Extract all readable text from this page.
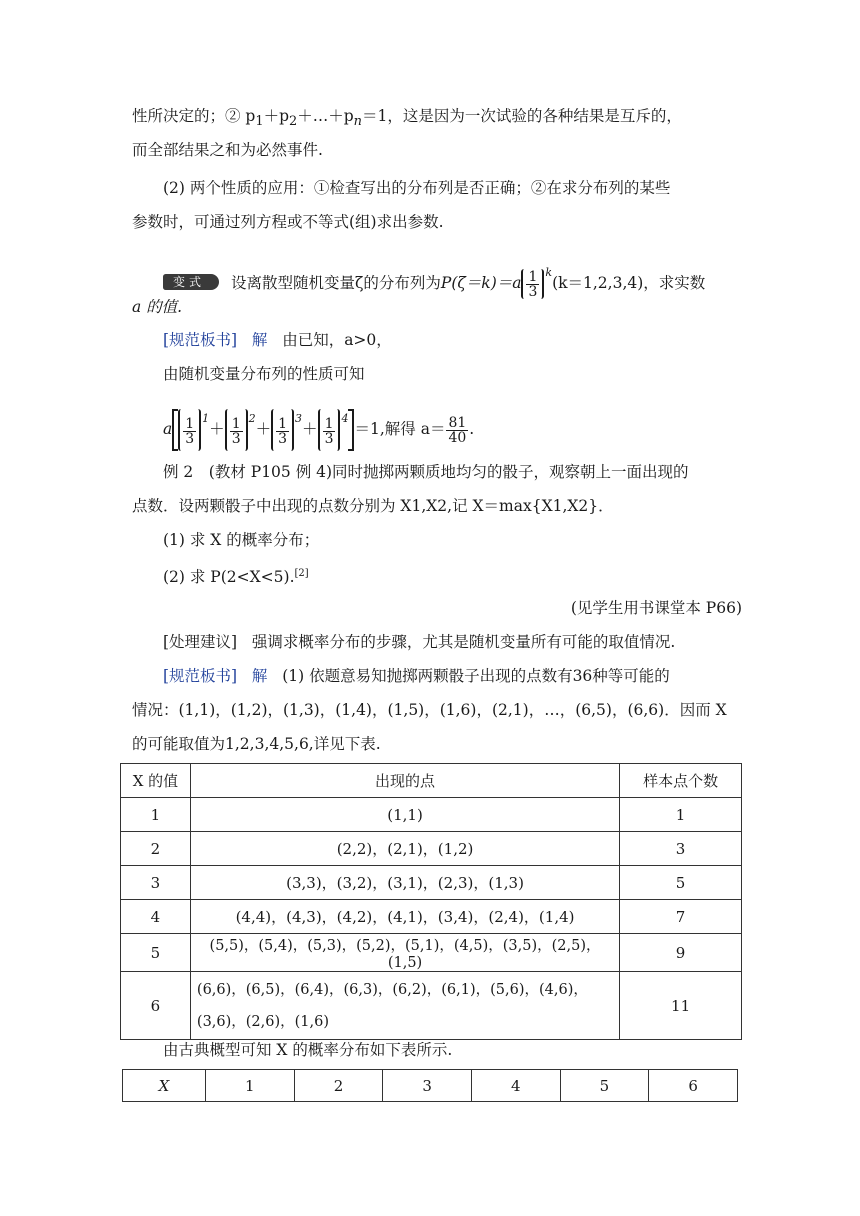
性所决定的；② $p_1+p_2+\dots+p_n=1$，这是因为一次试验的各种结果是互斥的，
而全部结果之和为必然事件.
(2) 两个性质的应用：①检查写出的分布列是否正确；②在求分布列的某些
参数时，可通过列方程或不等式(组)求出参数.
变式 设离散型随机变量ζ的分布列为$P(\zeta=k)=a \frac{1}{3} ^k(k=1,2,3,4)$，求实数
a 的值.
[规范板书] 解 由已知，a>0，
由随机变量分布列的性质可知
a $\frac{1}{3} ^1+ \frac{1}{3} ^2+ \frac{1}{3} ^3+ \frac{1}{3} ^4=1$,解得 $a= \frac{81}{40}$ .
例 2　(教材 P105 例 4)同时抛掷两颗质地均匀的骰子，观察朝上一面出现的
点数．设两颗骰子中出现的点数分别为 X1,X2,记 X＝max{X1,X2}．
(1) 求 X 的概率分布；
(2) 求 P(2<X<5).[2]
(见学生用书课堂本 P66)
[处理建议] 强调求概率分布的步骤，尤其是随机变量所有可能的取值情况.
[规范板书] 解 (1) 依题意易知抛掷两颗骰子出现的点数有36种等可能的
情况：(1,1)，(1,2)，(1,3)，(1,4)，(1,5)，(1,6)，(2,1)，…，(6,5)，(6,6)．因而 X
的可能取值为1,2,3,4,5,6,详见下表.
X 的值	出现的点	样本点个数
1	(1,1)	1
2	(2,2)，(2,1)，(1,2)	3
3	(3,3)，(3,2)，(3,1)，(2,3)，(1,3)	5
4	(4,4)，(4,3)，(4,2)，(4,1)，(3,4)，(2,4)，(1,4)	7
5	(5,5)，(5,4)，(5,3)，(5,2)，(5,1)，(4,5)，(3,5)，(2,5)，(1,5)	9
6	(6,6)，(6,5)，(6,4)，(6,3)，(6,2)，(6,1)，(5,6)，(4,6)，(3,6)，(2,6)，(1,6)	11
由古典概型可知 X 的概率分布如下表所示.
X	1	2	3	4	5	6
